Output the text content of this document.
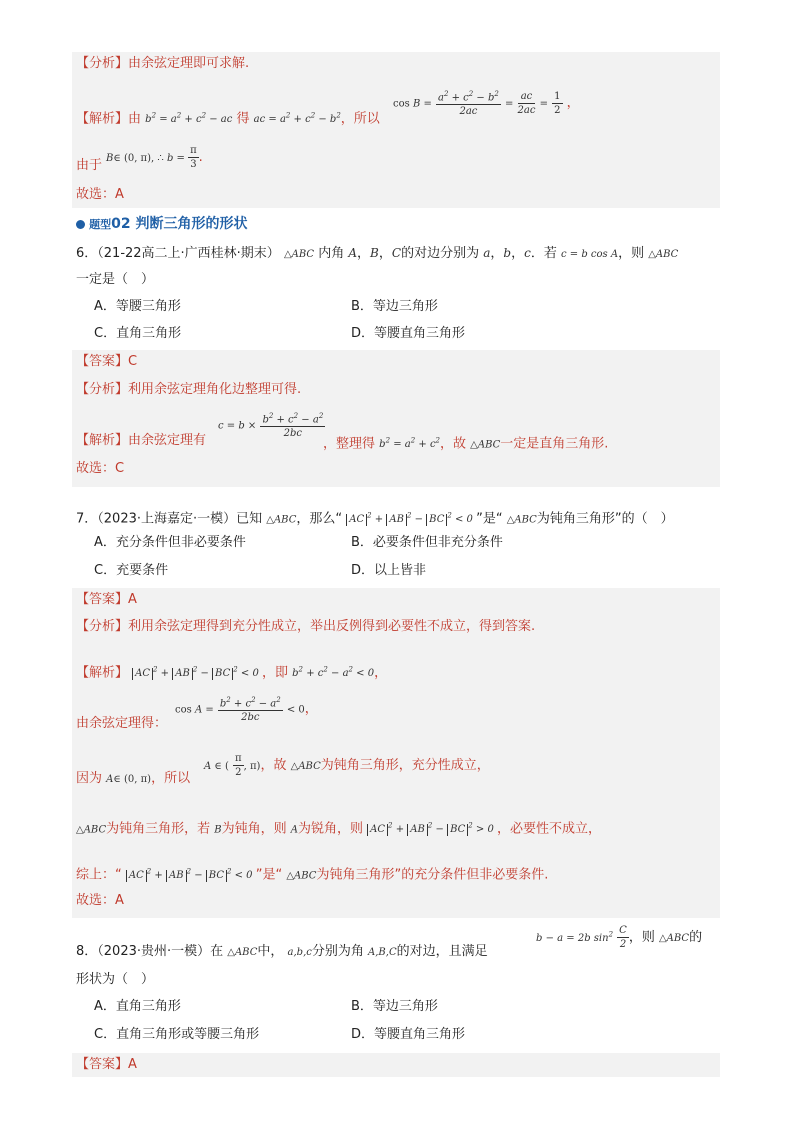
【分析】由余弦定理即可求解.
【解析】由 $b^2 = a^2 + c^2$ − ac 得 ac = $a^2 + c^2 - b^2$，所以
$\cos B = \frac{a^2 + c^2 - b^2}{2ac} = \frac{ac}{2ac} = \frac{1}{2}$ ，
由于 B∈ (0, π), ∴ $b = \frac{\pi}{3}$ .
故选：A
题型02 判断三角形的形状
6．（21-22高二上·广西桂林·期末） △ABC 内角 A，B，C的对边分别为 a，b，c．若 c = b cos A，则 △ABC
一定是（　）
A．等腰三角形	B．等边三角形
C．直角三角形	D．等腰直角三角形
【答案】C
【分析】利用余弦定理角化边整理可得.
【解析】由余弦定理有
$c = b \times \frac{b^2 + c^2 - a^2}{2bc}$
，整理得 $b^2 = a^2 + c^2$，故 △ABC一定是直角三角形.
故选：C
7．（2023·上海嘉定·一模）已知 △ABC，那么“ AC $^2$ + AB $^2$ − BC $^2$ < 0 ”是“ △ABC为钝角三角形”的（　）
A．充分条件但非必要条件	B．必要条件但非充分条件
C．充要条件	D．以上皆非
【答案】A
【分析】利用余弦定理得到充分性成立，举出反例得到必要性不成立，得到答案.
【解析】 AC $^2$ + AB $^2$ − BC $^2$ < 0 ，即 $b^2 + c^2 - a^2 < 0$，
由余弦定理得：
$\cos A = \frac{b^2 + c^2 - a^2}{2bc} < 0$，
因为 A∈ (0, π)，所以
A ∈ ( $\frac{\pi}{2}$ , π)，故 △ABC为钝角三角形，充分性成立，
△ABC为钝角三角形，若 B为钝角，则 A为锐角，则 AC $^2$ + AB $^2$ − BC $^2$ > 0 ，必要性不成立，
综上：“ AC $^2$ + AB $^2$ − BC $^2$ < 0 ”是“ △ABC为钝角三角形”的充分条件但非必要条件.
故选：A
8．（2023·贵州·一模）在 △ABC中， a,b,c分别为角 A,B,C的对边，且满足
b − a = 2b $\sin^2 \frac{C}{2}$ ，则 △ABC的
形状为（　）
A．直角三角形	B．等边三角形
C．直角三角形或等腰三角形	D．等腰直角三角形
【答案】A
